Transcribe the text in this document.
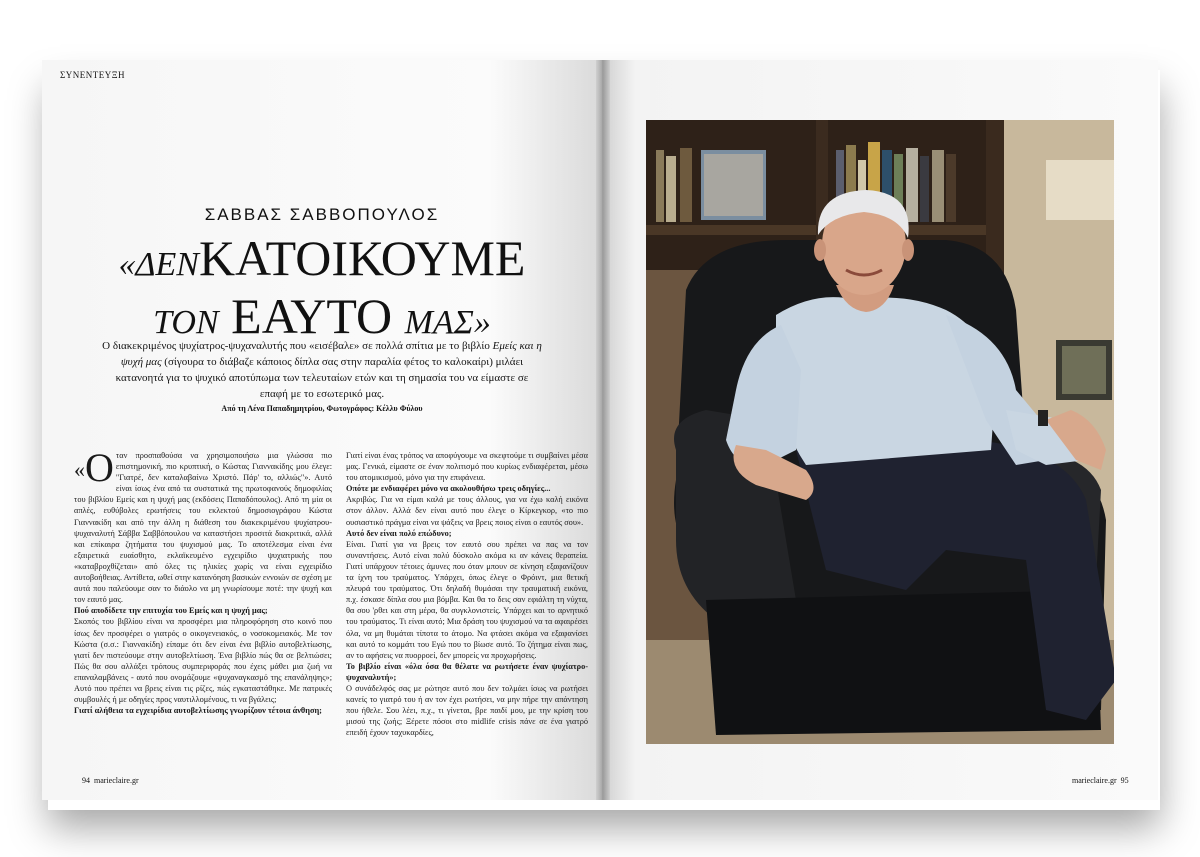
ΣΥΝΕΝΤΕΥΞΗ
ΣΑΒΒΑΣ ΣΑΒΒΟΠΟΥΛΟΣ
«ΔΕΝΚΑΤΟΙΚΟΥΜΕ
ΤΟΝ ΕΑΥΤΟ ΜΑΣ»
Ο διακεκριμένος ψυχίατρος-ψυχαναλυτής που «εισέβαλε» σε πολλά σπίτια με το βιβλίο Εμείς και η ψυχή μας (σίγουρα το διάβαζε κάποιος δίπλα σας στην παραλία φέτος το καλοκαίρι) μιλάει κατανοητά για το ψυχικό αποτύπωμα των τελευταίων ετών και τη σημασία του να είμαστε σε επαφή με το εσωτερικό μας.
Από τη Λένα Παπαδημητρίου, Φωτογράφος: Κέλλυ Φύλου
«Ο ταν προσπαθούσα να χρησιμοποιήσω μια γλώσσα πιο επιστημονική, πιο κρυπτική, ο Κώστας Γιαννακίδης μου έλεγε: "Γιατρέ, δεν καταλαβαίνω Χριστό. Πάρ' το, αλλιώς"». Αυτό είναι ίσως ένα από τα συστατικά της πρωτοφανούς δημοφιλίας του βιβλίου Εμείς και η ψυχή μας (εκδόσεις Παπαδόπουλος). Από τη μία οι απλές, ευθύβολες ερωτήσεις του εκλεκτού δημοσιογράφου Κώστα Γιαννακίδη και από την άλλη η διάθεση του διακεκριμένου ψυχίατρου-ψυχαναλυτή Σάββα Σαββόπουλου να καταστήσει προσιτά διακριτικά, αλλά και επίκαιρα ζητήματα του ψυχισμού μας. Το αποτέλεσμα είναι ένα εξαιρετικά ευαίσθητο, εκλαϊκευμένο εγχειρίδιο ψυχιατρικής που «καταβροχθίζεται» από όλες τις ηλικίες χωρίς να είναι εγχειρίδιο αυτοβοήθειας. Αντίθετα, ωθεί στην κατανόηση βασικών εννοιών σε σχέση με αυτά που παλεύουμε σαν το διάολο να μη γνωρίσουμε ποτέ: την ψυχή και τον εαυτό μας.

Πού αποδίδετε την επιτυχία του Εμείς και η ψυχή μας;

Σκοπός του βιβλίου είναι να προσφέρει μια πληροφόρηση στο κοινό που ίσως δεν προσφέρει ο γιατρός ο οικογενειακός, ο νοσοκομειακός. Με τον Κώστα (σ.σ.: Γιαννακίδη) είπαμε ότι δεν είναι ένα βιβλίο αυτοβελτίωσης, γιατί δεν πιστεύουμε στην αυτοβελτίωση. Ένα βιβλίο πώς θα σε βελτιώσει; Πώς θα σου αλλάξει τρόπους συμπεριφοράς που έχεις μάθει μια ζωή να επαναλαμβάνεις - αυτό που ονομάζουμε «ψυχαναγκασμό της επανάληψης»; Αυτό που πρέπει να βρεις είναι τις ρίζες, πώς εγκαταστάθηκε. Με πατρικές συμβουλές ή με οδηγίες προς ναυτιλλομένους, τι να βγάλεις;

Γιατί αλήθεια τα εγχειρίδια αυτοβελτίωσης γνωρίζουν τέτοια άνθηση;

Γιατί είναι ένας τρόπος να αποφύγουμε να σκεφτούμε τι συμβαίνει μέσα μας. Γενικά, είμαστε σε έναν πολιτισμό που κυρίως ενδιαφέρεται, μέσω του ατομικισμού, μόνο για την επιφάνεια.

Οπότε με ενδιαφέρει μόνο να ακολουθήσω τρεις οδηγίες...

Ακριβώς. Για να είμαι καλά με τους άλλους, για να έχω καλή εικόνα στον άλλον. Αλλά δεν είναι αυτό που έλεγε ο Κίρκεγκορ, «το πιο ουσιαστικό πράγμα είναι να ψάξεις να βρεις ποιος είναι ο εαυτός σου».

Αυτό δεν είναι πολύ επώδυνο;

Είναι. Γιατί για να βρεις τον εαυτό σου πρέπει να πας να τον συναντήσεις. Αυτό είναι πολύ δύσκολο ακόμα κι αν κάνεις θεραπεία. Γιατί υπάρχουν τέτοιες άμυνες που όταν μπουν σε κίνηση εξαφανίζουν τα ίχνη του τραύματος. Υπάρχει, όπως έλεγε ο Φρόιντ, μια θετική πλευρά του τραύματος. Ότι δηλαδή θυμάσαι την τραυματική εικόνα, π.χ. έσκασε δίπλα σου μια βόμβα. Και θα το δεις σαν εφιάλτη τη νύχτα, θα σου 'ρθει και στη μέρα, θα συγκλονιστείς. Υπάρχει και το αρνητικό του τραύματος. Τι είναι αυτό; Μια δράση του ψυχισμού να τα αφαιρέσει όλα, να μη θυμάται τίποτα το άτομο. Να φτάσει ακόμα να εξαφανίσει και αυτό το κομμάτι του Εγώ που το βίωσε αυτό. Το ζήτημα είναι πως, αν το αφήσεις να πυορροεί, δεν μπορείς να προχωρήσεις.

Το βιβλίο είναι «όλα όσα θα θέλατε να ρωτήσετε έναν ψυχίατρο-ψυχαναλυτή»;

Ο συνάδελφός σας με ρώτησε αυτό που δεν τολμάει ίσως να ρωτήσει κανείς το γιατρό του ή αν τον έχει ρωτήσει, να μην πήρε την απάντηση που ήθελε. Σου λέει, π.χ., τι γίνεται, βρε παιδί μου, με την κρίση του μισού της ζωής; Ξέρετε πόσοι στο midlife crisis πάνε σε ένα γιατρό επειδή έχουν ταχυκαρδίες,

94 marieclaire.gr	marieclaire.gr 95
